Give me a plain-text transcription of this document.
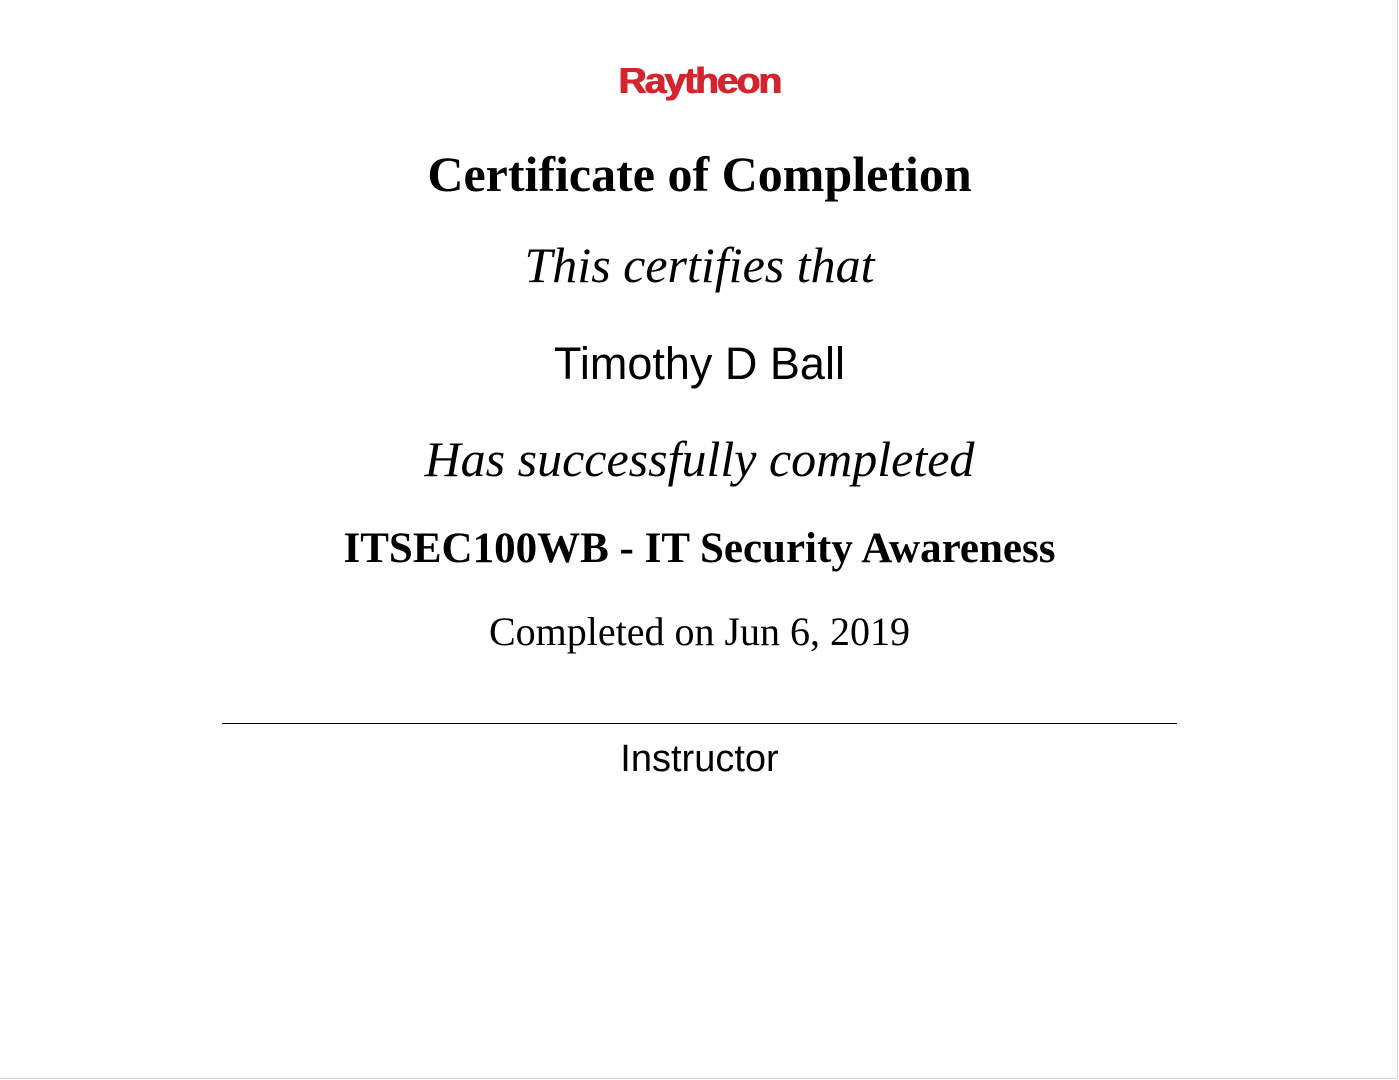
Raytheon
Certificate of Completion
This certifies that
Timothy D Ball
Has successfully completed
ITSEC100WB - IT Security Awareness
Completed on Jun 6, 2019
Instructor
